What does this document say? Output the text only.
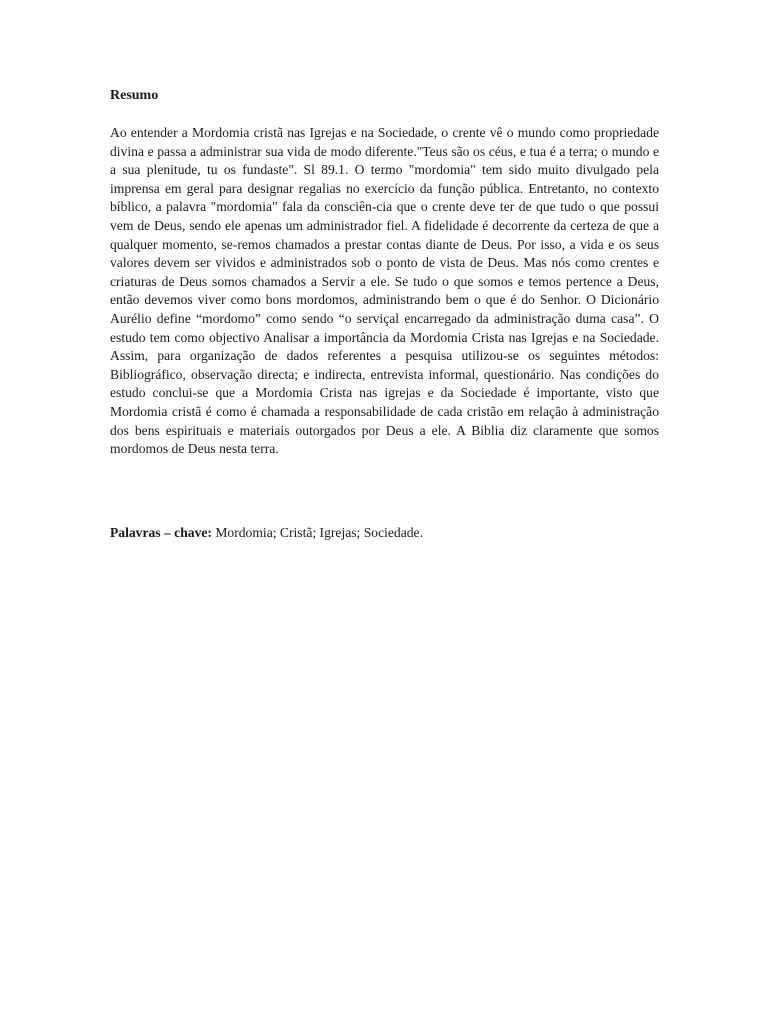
Resumo

Ao entender a Mordomia cristã nas Igrejas e na Sociedade, o crente vê o mundo como propriedade divina e passa a administrar sua vida de modo diferente."Teus são os céus, e tua é a terra; o mundo e a sua plenitude, tu os fundaste". Sl 89.1. O termo "mordomia" tem sido muito divulgado pela imprensa em geral para designar regalias no exercício da função pública. Entretanto, no contexto bíblico, a palavra "mordomia" fala da consciên-cia que o crente deve ter de que tudo o que possui vem de Deus, sendo ele apenas um administrador fiel. A fidelidade é decorrente da certeza de que a qualquer momento, se-remos chamados a prestar contas diante de Deus. Por isso, a vida e os seus valores devem ser vividos e administrados sob o ponto de vista de Deus. Mas nós como crentes e criaturas de Deus somos chamados a Servir a ele. Se tudo o que somos e temos pertence a Deus, então devemos viver como bons mordomos, administrando bem o que é do Senhor. O Dicionário Aurélio define “mordomo” como sendo “o serviçal encarregado da administração duma casa”. O estudo tem como objectivo Analisar a importância da Mordomia Crista nas Igrejas e na Sociedade. Assim, para organização de dados referentes a pesquisa utilizou-se os seguintes métodos: Bibliográfico, observação directa; e indirecta, entrevista informal, questionário. Nas condições do estudo conclui-se que a Mordomia Crista nas igrejas e da Sociedade é importante, visto que Mordomia cristã é como é chamada a responsabilidade de cada cristão em relação à administração dos bens espirituais e materiais outorgados por Deus a ele. A Biblia diz claramente que somos mordomos de Deus nesta terra.

Palavras – chave: Mordomia; Cristã; Igrejas; Sociedade.
